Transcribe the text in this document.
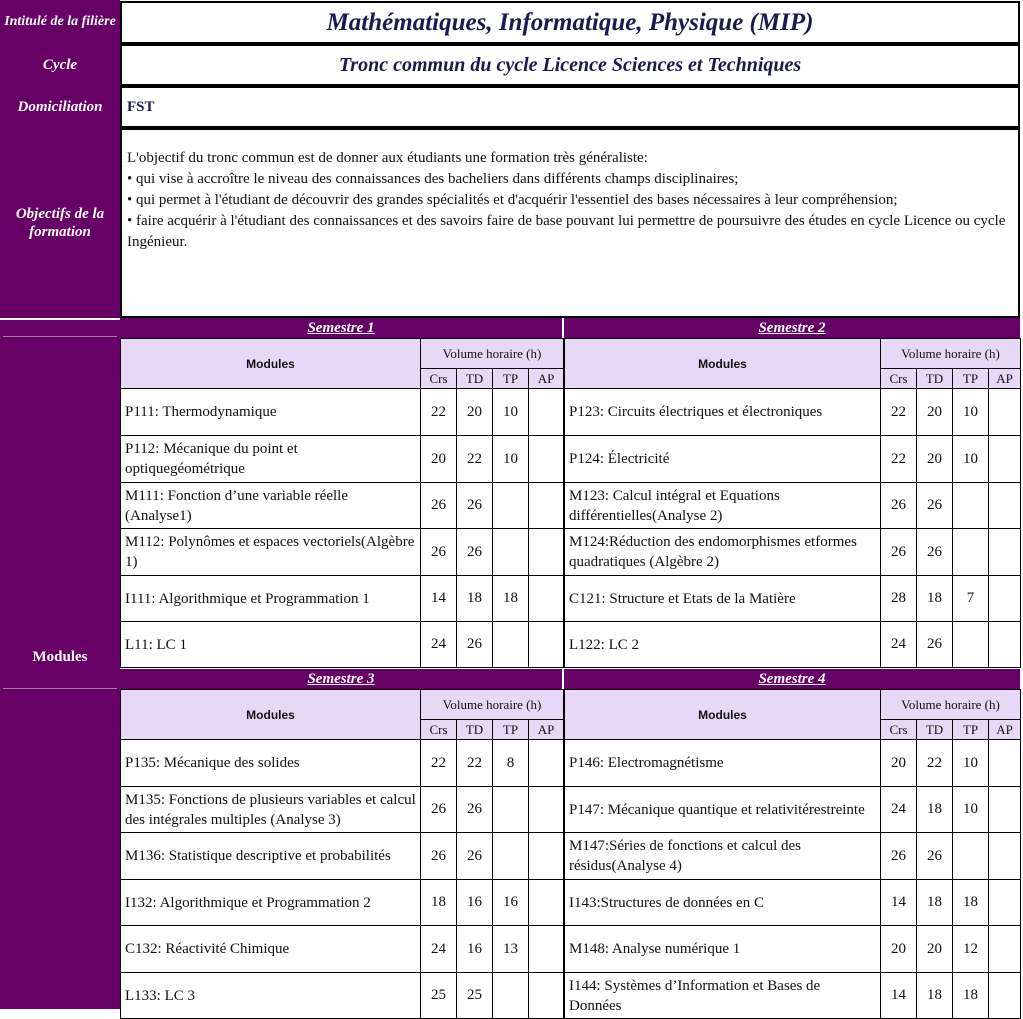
Intitulé de la filière	Mathématiques, Informatique, Physique (MIP)
Cycle	Tronc commun du cycle Licence Sciences et Techniques
Domiciliation	FST
Objectifs de la formation

L'objectif du tronc commun est de donner aux étudiants une formation très généraliste:

• qui vise à accroître le niveau des connaissances des bacheliers dans différents champs disciplinaires;

• qui permet à l'étudiant de découvrir des grandes spécialités et d'acquérir l'essentiel des bases nécessaires à leur compréhension;

• faire acquérir à l'étudiant des connaissances et des savoirs faire de base pouvant lui permettre de poursuivre des études en cycle Licence ou cycle Ingénieur.

Modules
Semestre 1	Semestre 2
Semestre 3	Semestre 4
Modules	Volume horaire (h)			
	Crs	TD	TP	AP
P111: Thermodynamique	22	20	10	
P112: Mécanique du point et optiquegéométrique	20	22	10	
M111: Fonction d’une variable réelle (Analyse1)	26	26		
M112: Polynômes et espaces vectoriels(Algèbre 1)	26	26		
I111: Algorithmique et Programmation 1	14	18	18	
L11: LC 1	24	26		
Modules	Volume horaire (h)			
	Crs	TD	TP	AP
P123: Circuits électriques et électroniques	22	20	10	
P124: Électricité	22	20	10	
M123: Calcul intégral et Equations différentielles(Analyse 2)	26	26		
M124:Réduction des endomorphismes etformes quadratiques (Algèbre 2)	26	26		
C121: Structure et Etats de la Matière	28	18	7	
L122: LC 2	24	26		
Modules	Volume horaire (h)			
	Crs	TD	TP	AP
P135: Mécanique des solides	22	22	8	
M135: Fonctions de plusieurs variables et calcul des intégrales multiples (Analyse 3)	26	26		
M136: Statistique descriptive et probabilités	26	26		
I132: Algorithmique et Programmation 2	18	16	16	
C132: Réactivité Chimique	24	16	13	
L133: LC 3	25	25		
Modules	Volume horaire (h)			
	Crs	TD	TP	AP
P146: Electromagnétisme	20	22	10	
P147: Mécanique quantique et relativitérestreinte	24	18	10	
M147:Séries de fonctions et calcul des résidus(Analyse 4)	26	26		
I143:Structures de données en C	14	18	18	
M148: Analyse numérique 1	20	20	12	
I144: Systèmes d’Information et Bases de Données	14	18	18	
